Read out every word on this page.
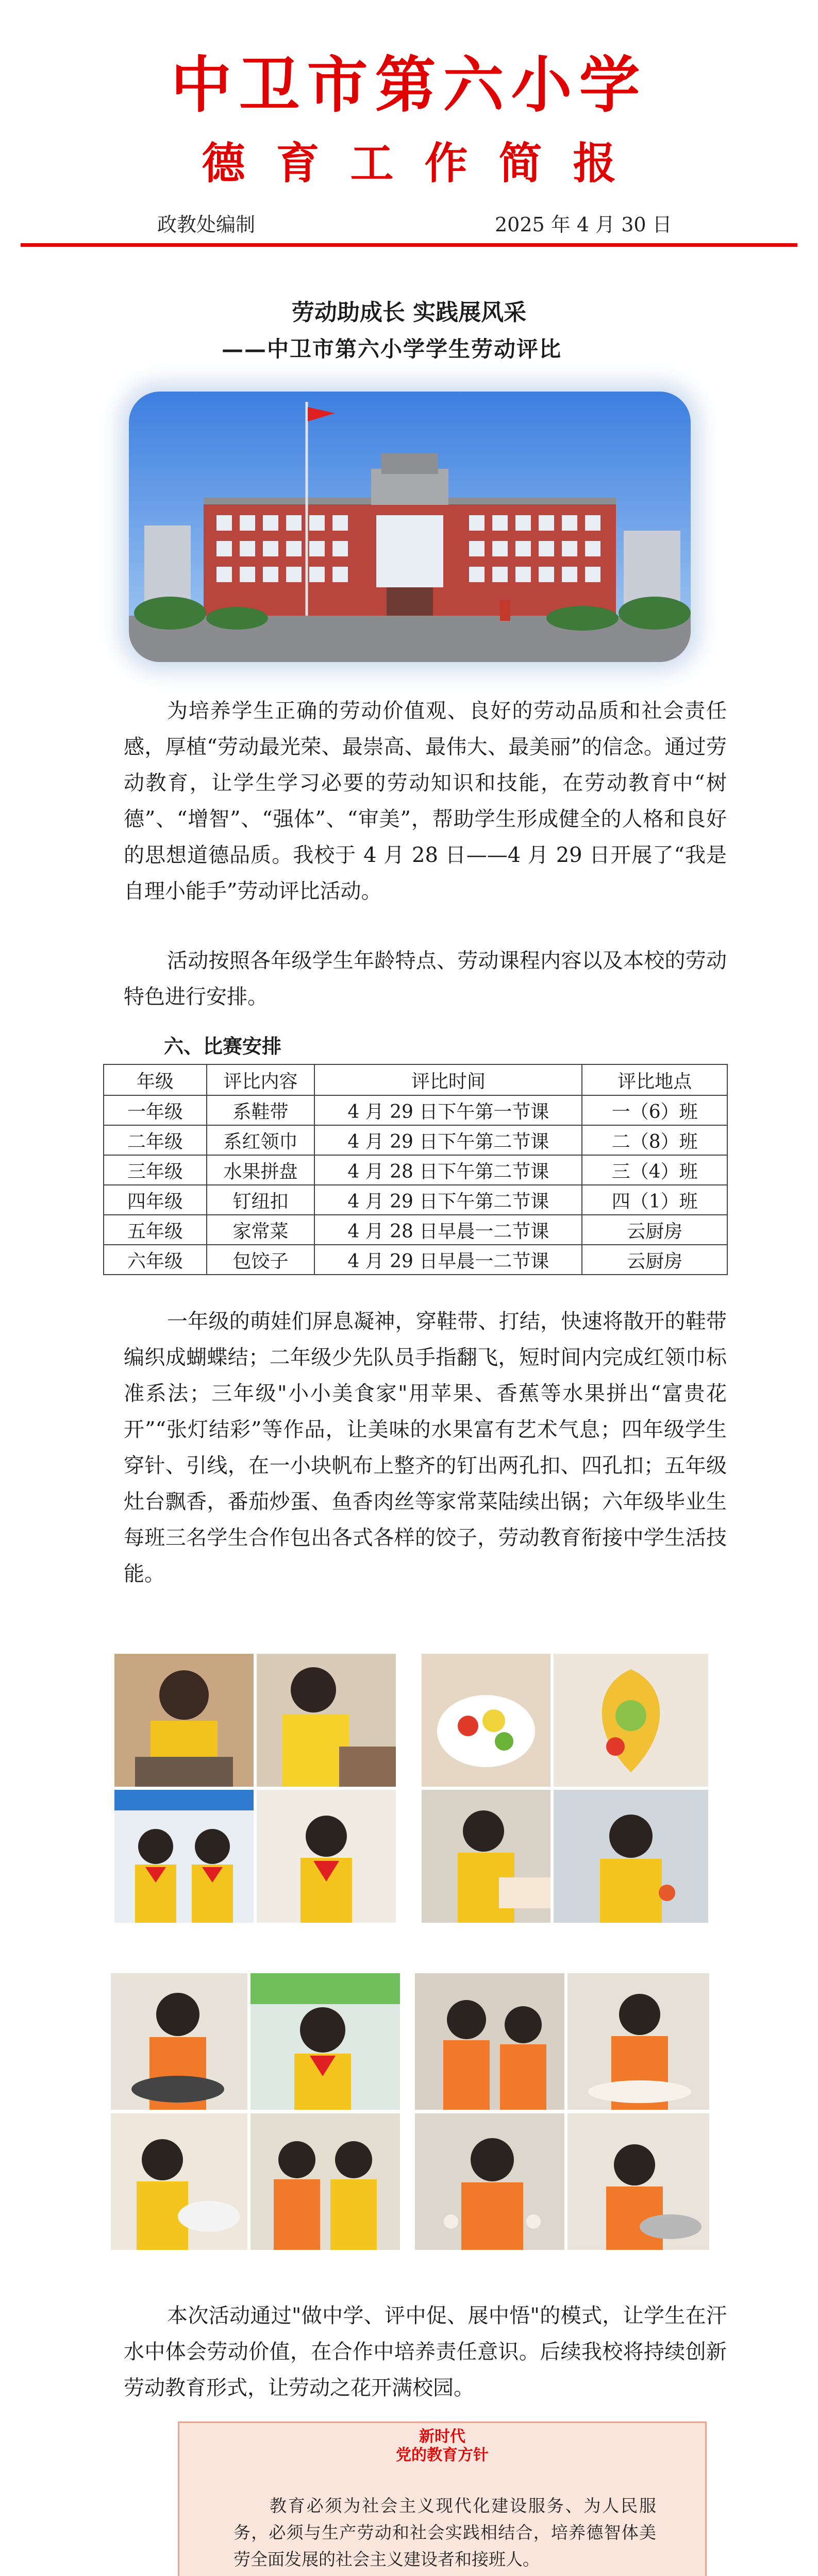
中卫市第六小学
德育工作简报
政教处编制	2025 年 4 月 30 日
劳动助成长 实践展风采
——中卫市第六小学学生劳动评比

为培养学生正确的劳动价值观、良好的劳动品质和社会责任感，厚植“劳动最光荣、最崇高、最伟大、最美丽”的信念。通过劳动教育，让学生学习必要的劳动知识和技能，在劳动教育中“树德”、“增智”、“强体”、“审美”，帮助学生形成健全的人格和良好的思想道德品质。我校于 4 月 28 日——4 月 29 日开展了“我是自理小能手”劳动评比活动。

活动按照各年级学生年龄特点、劳动课程内容以及本校的劳动特色进行安排。

六、比赛安排
年级	评比内容	评比时间	评比地点
一年级	系鞋带	4 月 29 日下午第一节课	一（6）班
二年级	系红领巾	4 月 29 日下午第二节课	二（8）班
三年级	水果拼盘	4 月 28 日下午第二节课	三（4）班
四年级	钉纽扣	4 月 29 日下午第二节课	四（1）班
五年级	家常菜	4 月 28 日早晨一二节课	云厨房
六年级	包饺子	4 月 29 日早晨一二节课	云厨房

一年级的萌娃们屏息凝神，穿鞋带、打结，快速将散开的鞋带编织成蝴蝶结；二年级少先队员手指翻飞，短时间内完成红领巾标准系法；三年级"小小美食家"用苹果、香蕉等水果拼出“富贵花开”“张灯结彩”等作品，让美味的水果富有艺术气息；四年级学生穿针、引线，在一小块帆布上整齐的钉出两孔扣、四孔扣；五年级灶台飘香，番茄炒蛋、鱼香肉丝等家常菜陆续出锅；六年级毕业生每班三名学生合作包出各式各样的饺子，劳动教育衔接中学生活技能。

本次活动通过"做中学、评中促、展中悟"的模式，让学生在汗水中体会劳动价值，在合作中培养责任意识。后续我校将持续创新劳动教育形式，让劳动之花开满校园。

新时代
党的教育方针

教育必须为社会主义现代化建设服务、为人民服务，必须与生产劳动和社会实践相结合，培养德智体美劳全面发展的社会主义建设者和接班人。
